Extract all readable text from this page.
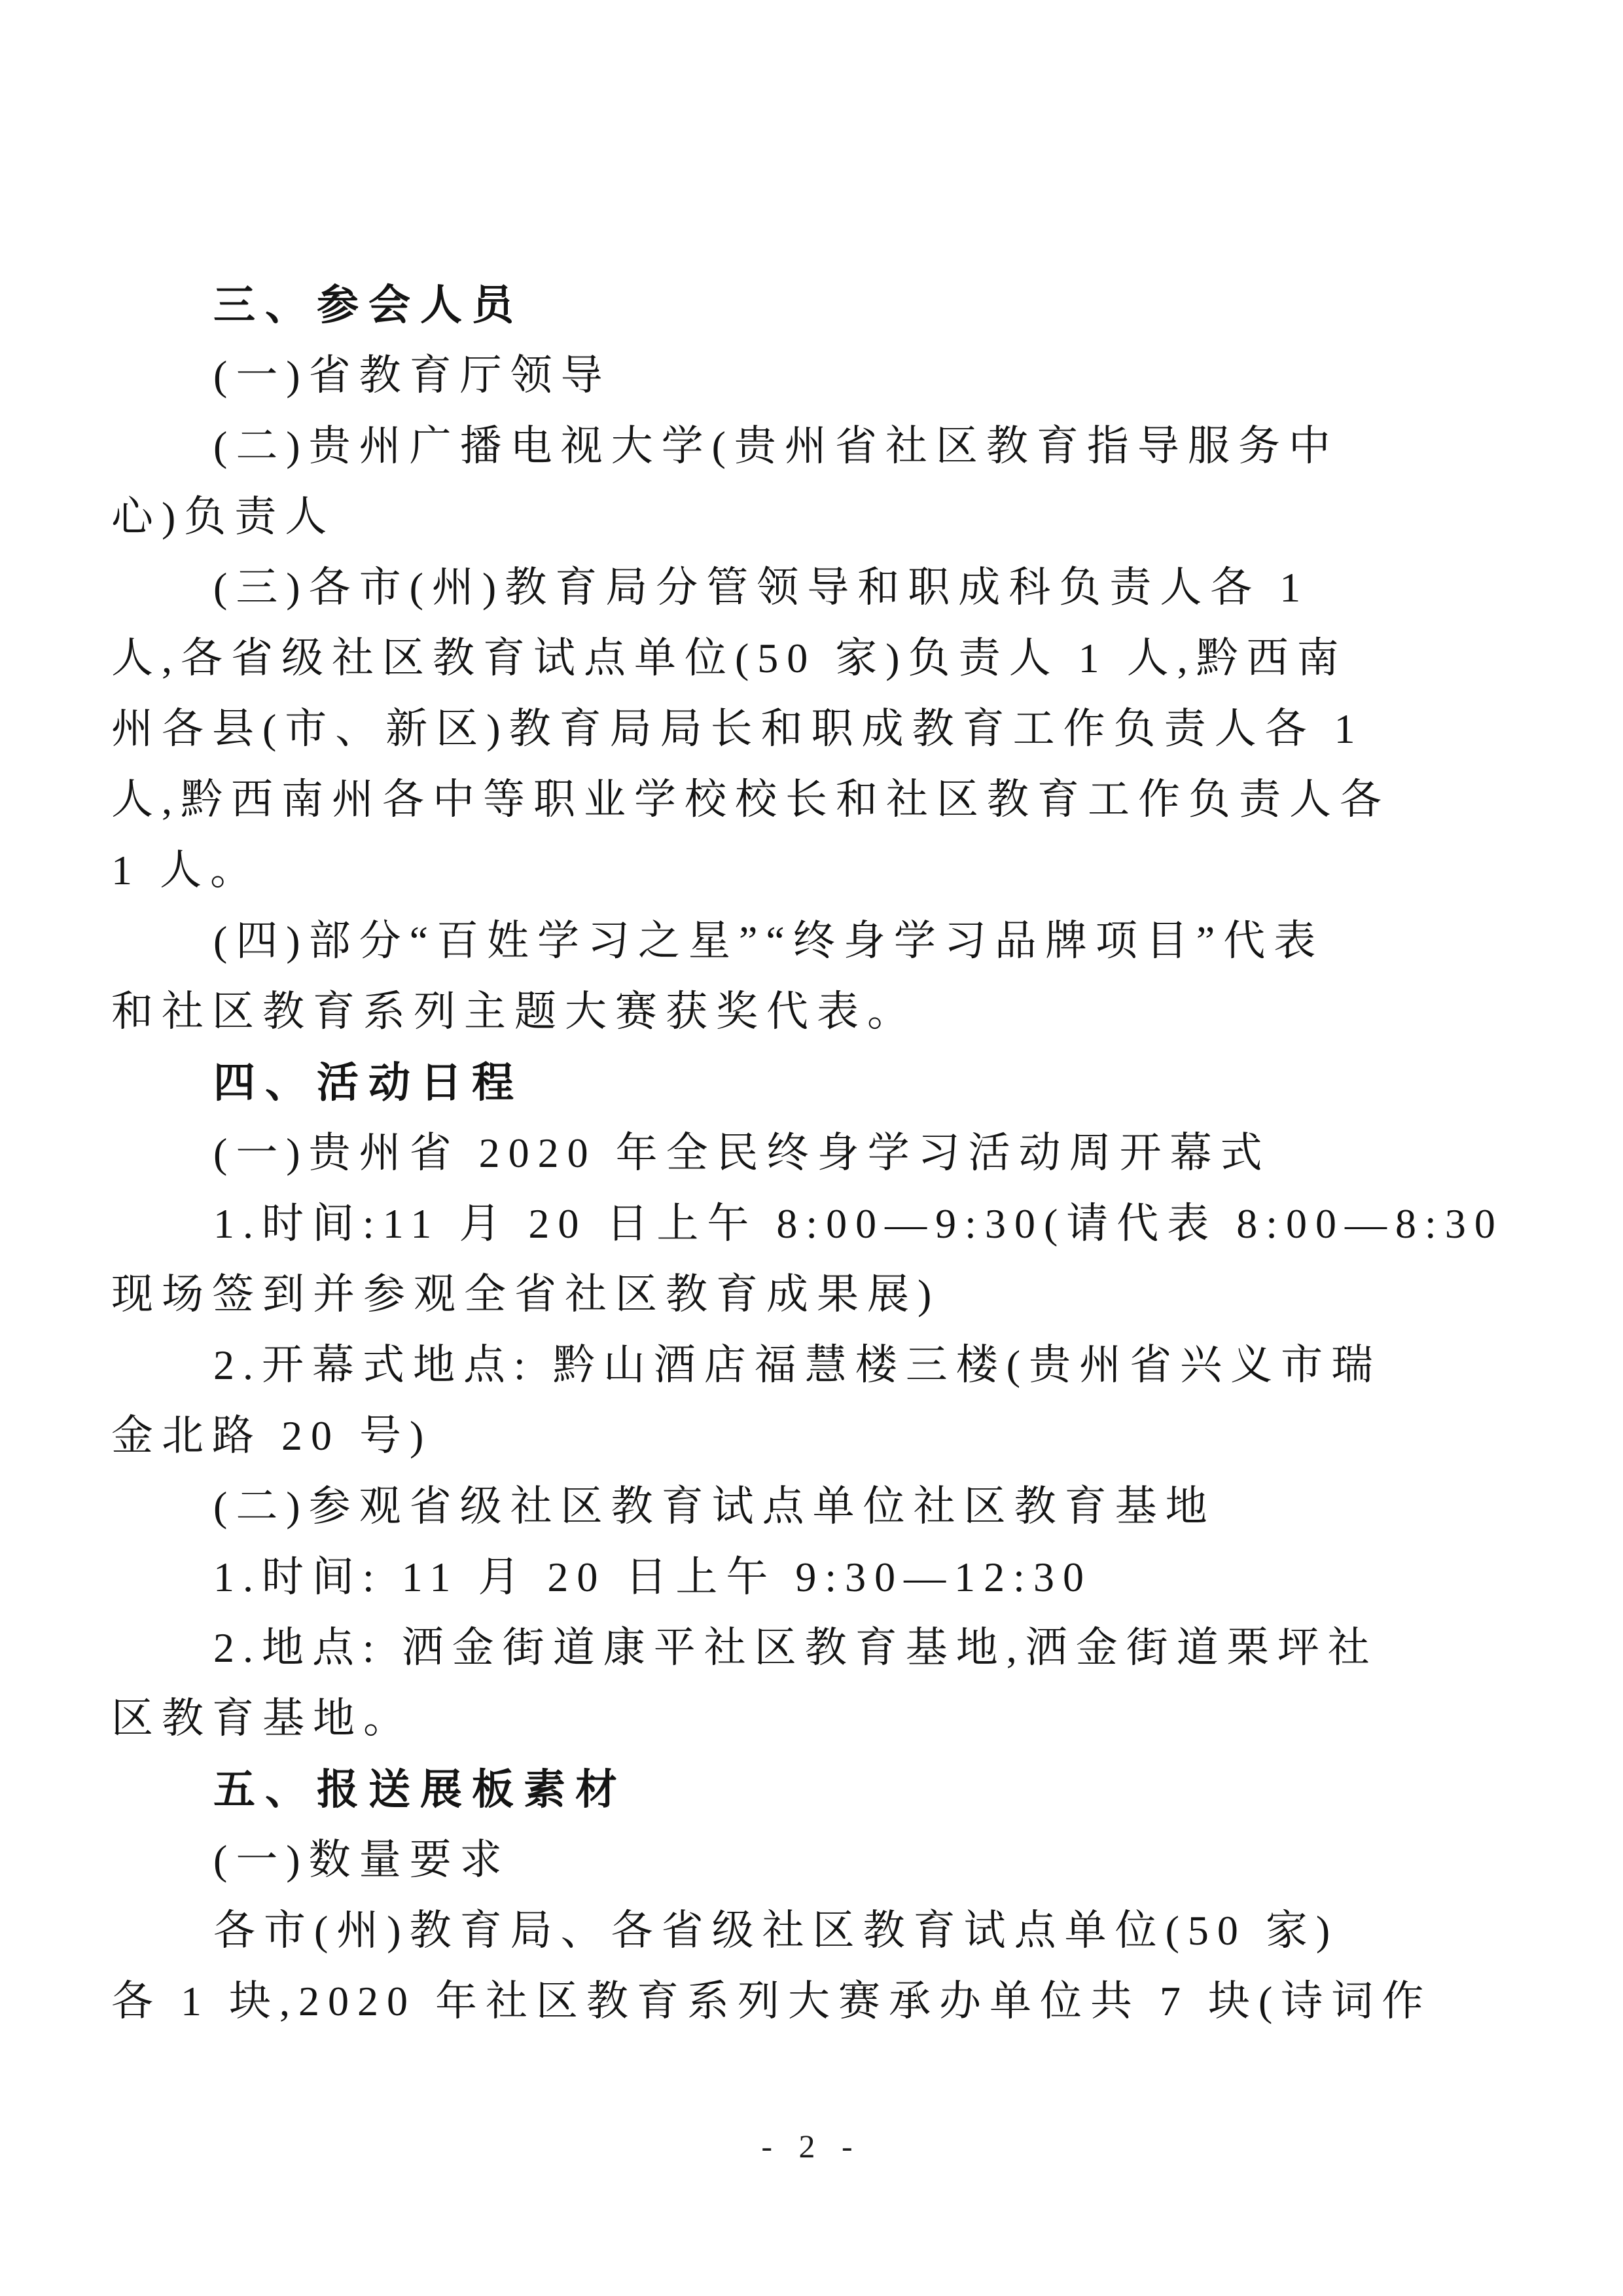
三、参会人员
(一)省教育厅领导
(二)贵州广播电视大学(贵州省社区教育指导服务中
心)负责人
(三)各市(州)教育局分管领导和职成科负责人各 1
人,各省级社区教育试点单位(50 家)负责人 1 人,黔西南
州各县(市、新区)教育局局长和职成教育工作负责人各 1
人,黔西南州各中等职业学校校长和社区教育工作负责人各
1 人。
(四)部分“百姓学习之星”“终身学习品牌项目”代表
和社区教育系列主题大赛获奖代表。
四、活动日程
(一)贵州省 2020 年全民终身学习活动周开幕式
1.时间:11 月 20 日上午 8:00—9:30(请代表 8:00—8:30
现场签到并参观全省社区教育成果展)
2.开幕式地点: 黔山酒店福慧楼三楼(贵州省兴义市瑞
金北路 20 号)
(二)参观省级社区教育试点单位社区教育基地
1.时间: 11 月 20 日上午 9:30—12:30
2.地点: 洒金街道康平社区教育基地,洒金街道栗坪社
区教育基地。
五、报送展板素材
(一)数量要求
各市(州)教育局、各省级社区教育试点单位(50 家)
各 1 块,2020 年社区教育系列大赛承办单位共 7 块(诗词作
- 2 -
